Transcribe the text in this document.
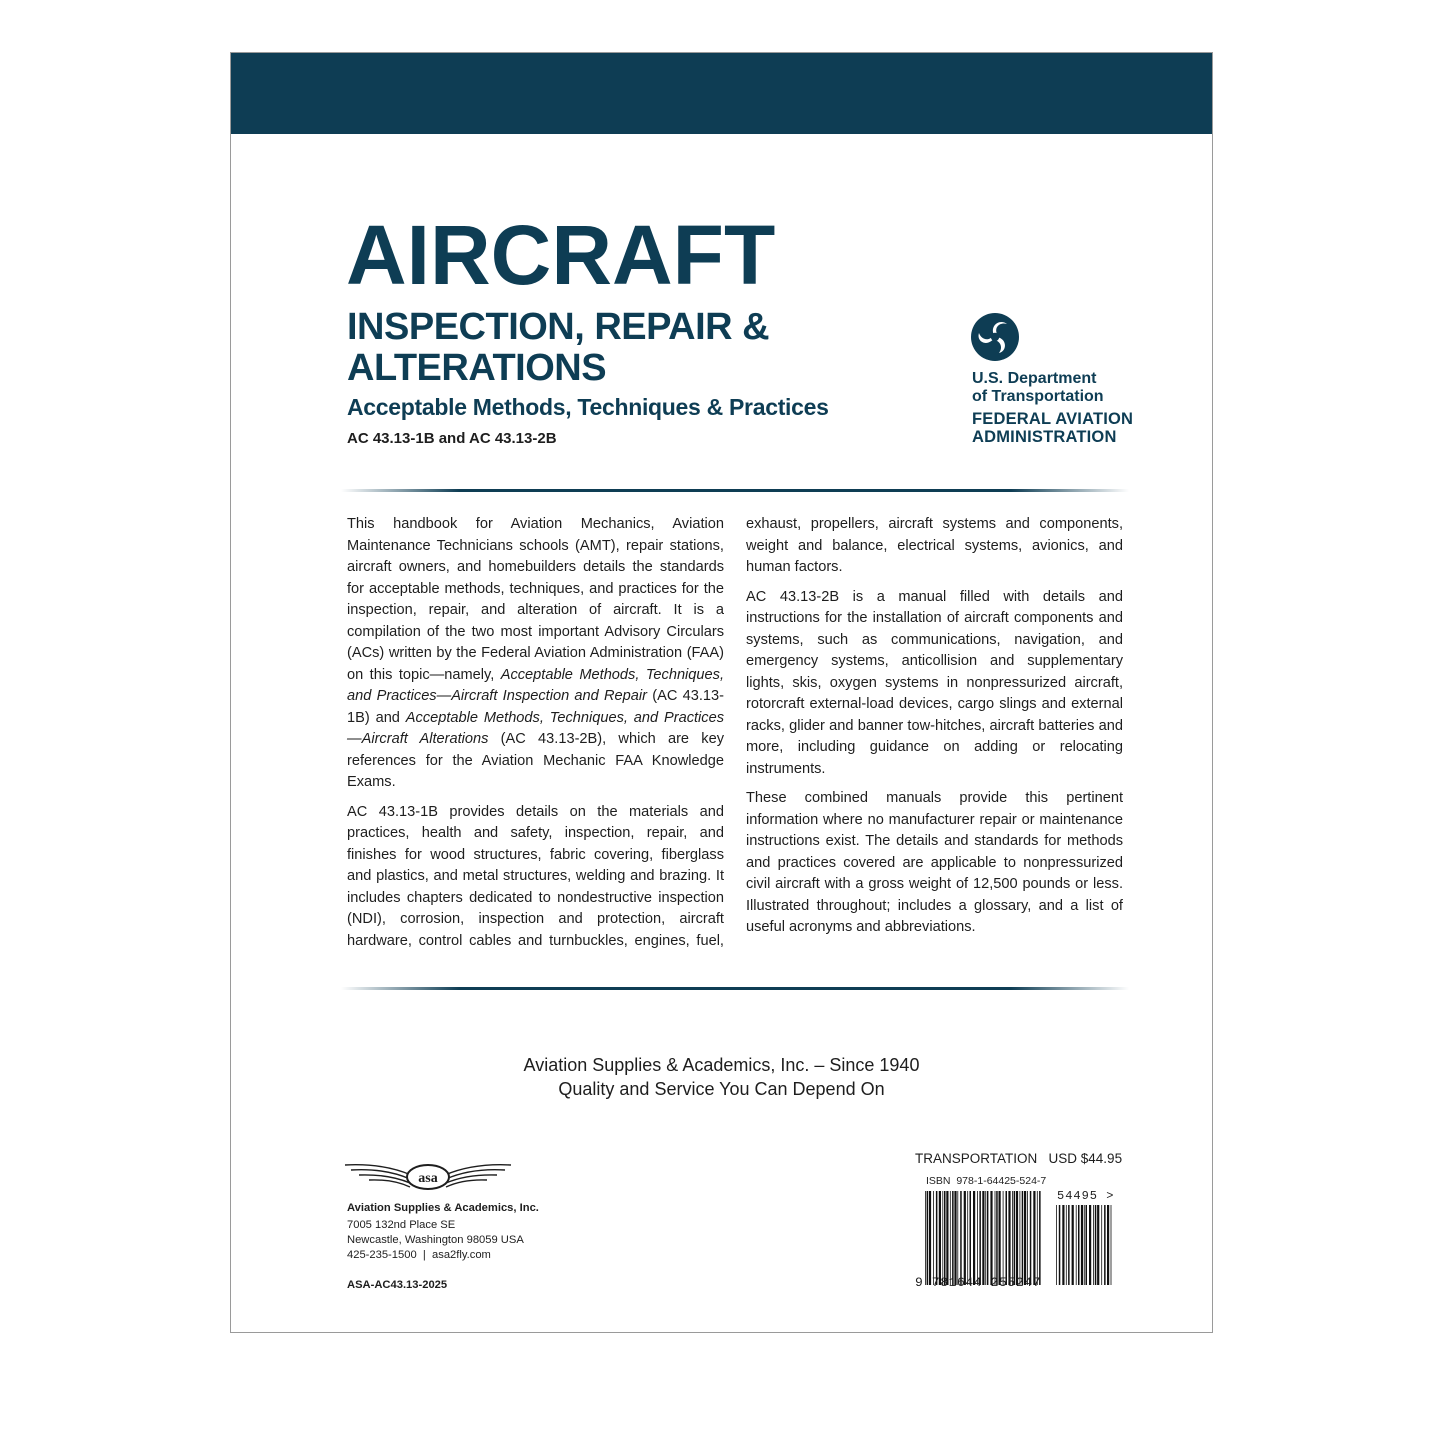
AIRCRAFT
INSPECTION, REPAIR & ALTERATIONS
Acceptable Methods, Techniques & Practices
AC 43.13-1B and AC 43.13-2B
U.S. Department
of Transportation
FEDERAL AVIATION
ADMINISTRATION

This handbook for Aviation Mechanics, Aviation Maintenance Technicians schools (AMT), repair stations, aircraft owners, and homebuilders details the standards for acceptable methods, techniques, and practices for the inspection, repair, and alteration of aircraft. It is a compilation of the two most important Advisory Circulars (ACs) written by the Federal Aviation Administration (FAA) on this topic—namely, Acceptable Methods, Techniques, and Practices—Aircraft Inspection and Repair (AC 43.13-1B) and Acceptable Methods, Techniques, and Practices—Aircraft Alterations (AC 43.13-2B), which are key references for the Aviation Mechanic FAA Knowledge Exams.

AC 43.13-1B provides details on the materials and practices, health and safety, inspection, repair, and finishes for wood structures, fabric covering, fiberglass and plastics, and metal structures, welding and brazing. It includes chapters dedicated to nondestructive inspection (NDI), corrosion, inspection and protection, aircraft hardware, control cables and turnbuckles, engines, fuel, exhaust, propellers, aircraft systems and components, weight and balance, electrical systems, avionics, and human factors.

AC 43.13-2B is a manual filled with details and instructions for the installation of aircraft components and systems, such as communications, navigation, and emergency systems, anticollision and supplementary lights, skis, oxygen systems in nonpressurized aircraft, rotorcraft external-load devices, cargo slings and external racks, glider and banner tow-hitches, aircraft batteries and more, including guidance on adding or relocating instruments.

These combined manuals provide this pertinent information where no manufacturer repair or maintenance instructions exist. The details and standards for methods and practices covered are applicable to nonpressurized civil aircraft with a gross weight of 12,500 pounds or less. Illustrated throughout; includes a glossary, and a list of useful acronyms and abbreviations.

Aviation Supplies & Academics, Inc. – Since 1940
Quality and Service You Can Depend On
asa
Aviation Supplies & Academics, Inc.
7005 132nd Place SE
Newcastle, Washington 98059 USA
425-235-1500  |  asa2fly.com
ASA-AC43.13-2025
TRANSPORTATION USD $44.95
ISBN  978-1-64425-524-7
54495 >
9 781644 255247
